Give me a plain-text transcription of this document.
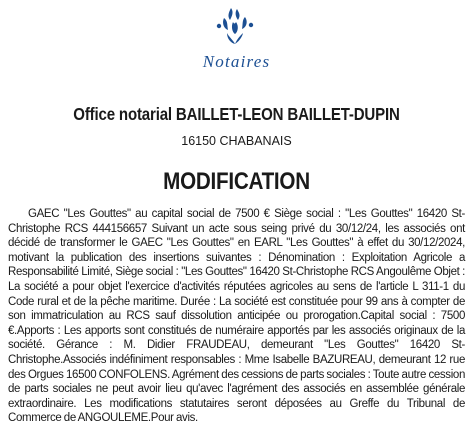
Notaires
Office notarial BAILLET-LEON BAILLET-DUPIN
16150 CHABANAIS
MODIFICATION

GAEC "Les Gouttes" au capital social de 7500 € Siège social : "Les Gouttes" 16420 St-Christophe RCS 444156657 Suivant un acte sous seing privé du 30/12/24, les associés ont décidé de transformer le GAEC "Les Gouttes" en EARL "Les Gouttes" à effet du 30/12/2024, motivant la publication des insertions suivantes : Dénomination : Exploitation Agricole a Responsabilité Limité, Siège social : "Les Gouttes" 16420 St-Christophe RCS Angoulême Objet : La société a pour objet l'exercice d'activités réputées agricoles au sens de l'article L 311-1 du Code rural et de la pêche maritime. Durée : La société est constituée pour 99 ans à compter de son immatriculation au RCS sauf dissolution anticipée ou prorogation.Capital social : 7500 €.Apports : Les apports sont constitués de numéraire apportés par les associés originaux de la société. Gérance : M. Didier FRAUDEAU, demeurant "Les Gouttes" 16420 St-Christophe.Associés indéfiniment responsables : Mme Isabelle BAZUREAU, demeurant 12 rue des Orgues 16500 CONFOLENS. Agrément des cessions de parts sociales : Toute autre cession de parts sociales ne peut avoir lieu qu'avec l'agrément des associés en assemblée générale extraordinaire. Les modifications statutaires seront déposées au Greffe du Tribunal de Commerce de ANGOULEME.Pour avis.
